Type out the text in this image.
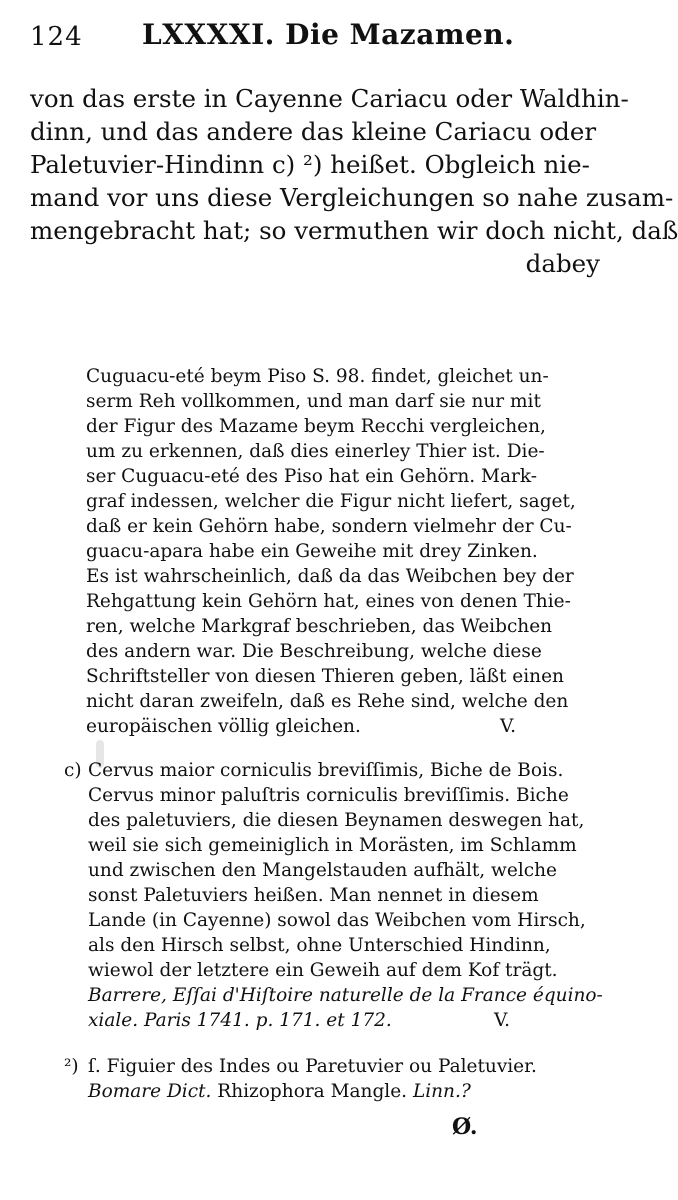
124 LXXXXI. Die Mazamen.
von das erste in Cayenne Cariacu oder Waldhin-
dinn, und das andere das kleine Cariacu oder
Paletuvier-Hindinn c) ²) heißet. Obgleich nie-
mand vor uns diese Vergleichungen so nahe zusam-
mengebracht hat; so vermuthen wir doch nicht, daß
dabey
Cuguacu-eté beym Piso S. 98. findet, gleichet un-
serm Reh vollkommen, und man darf sie nur mit
der Figur des Mazame beym Recchi vergleichen,
um zu erkennen, daß dies einerley Thier ist. Die-
ser Cuguacu-eté des Piso hat ein Gehörn. Mark-
graf indessen, welcher die Figur nicht liefert, saget,
daß er kein Gehörn habe, sondern vielmehr der Cu-
guacu-apara habe ein Geweihe mit drey Zinken.
Es ist wahrscheinlich, daß da das Weibchen bey der
Rehgattung kein Gehörn hat, eines von denen Thie-
ren, welche Markgraf beschrieben, das Weibchen
des andern war. Die Beschreibung, welche diese
Schriftsteller von diesen Thieren geben, läßt einen
nicht daran zweifeln, daß es Rehe sind, welche den
europäischen völlig gleichen.	V.
c) Cervus maior corniculis breviſſimis, Biche de Bois.
Cervus minor paluſtris corniculis breviſſimis. Biche
des paletuviers, die diesen Beynamen deswegen hat,
weil sie sich gemeiniglich in Morästen, im Schlamm
und zwischen den Mangelstauden aufhält, welche
sonst Paletuviers heißen. Man nennet in diesem
Lande (in Cayenne) sowol das Weibchen vom Hirsch,
als den Hirsch selbst, ohne Unterschied Hindinn,
wiewol der letztere ein Geweih auf dem Kof trägt.
Barrere, Eſſai d'Hiſtoire naturelle de la France équino-
xiale. Paris 1741. p. 171. et 172.	V.
²) ſ. Figuier des Indes ou Paretuvier ou Paletuvier.
Bomare Dict. Rhizophora Mangle. Linn.?
Ø.
